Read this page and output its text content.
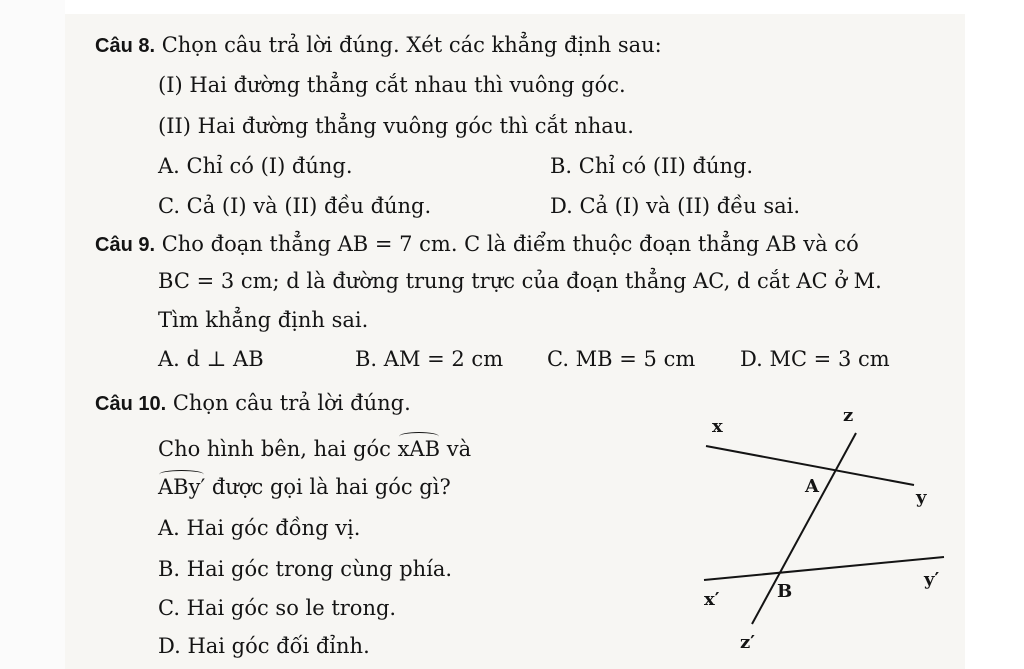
Câu 8. Chọn câu trả lời đúng. Xét các khẳng định sau:
(I) Hai đường thẳng cắt nhau thì vuông góc.
(II) Hai đường thẳng vuông góc thì cắt nhau.
A. Chỉ có (I) đúng.	B. Chỉ có (II) đúng.
C. Cả (I) và (II) đều đúng.	D. Cả (I) và (II) đều sai.
Câu 9. Cho đoạn thẳng AB = 7 cm. C là điểm thuộc đoạn thẳng AB và có
BC = 3 cm; d là đường trung trực của đoạn thẳng AC, d cắt AC ở M.
Tìm khẳng định sai.
A. d ⊥ AB	B. AM = 2 cm C. MB = 5 cm D. MC = 3 cm
Câu 10. Chọn câu trả lời đúng.
Cho hình bên, hai góc xAB và
ABy′ được gọi là hai góc gì?
A. Hai góc đồng vị.
B. Hai góc trong cùng phía.
C. Hai góc so le trong.
D. Hai góc đối đỉnh.
x
z
A
y
x′	B
y′
z′
